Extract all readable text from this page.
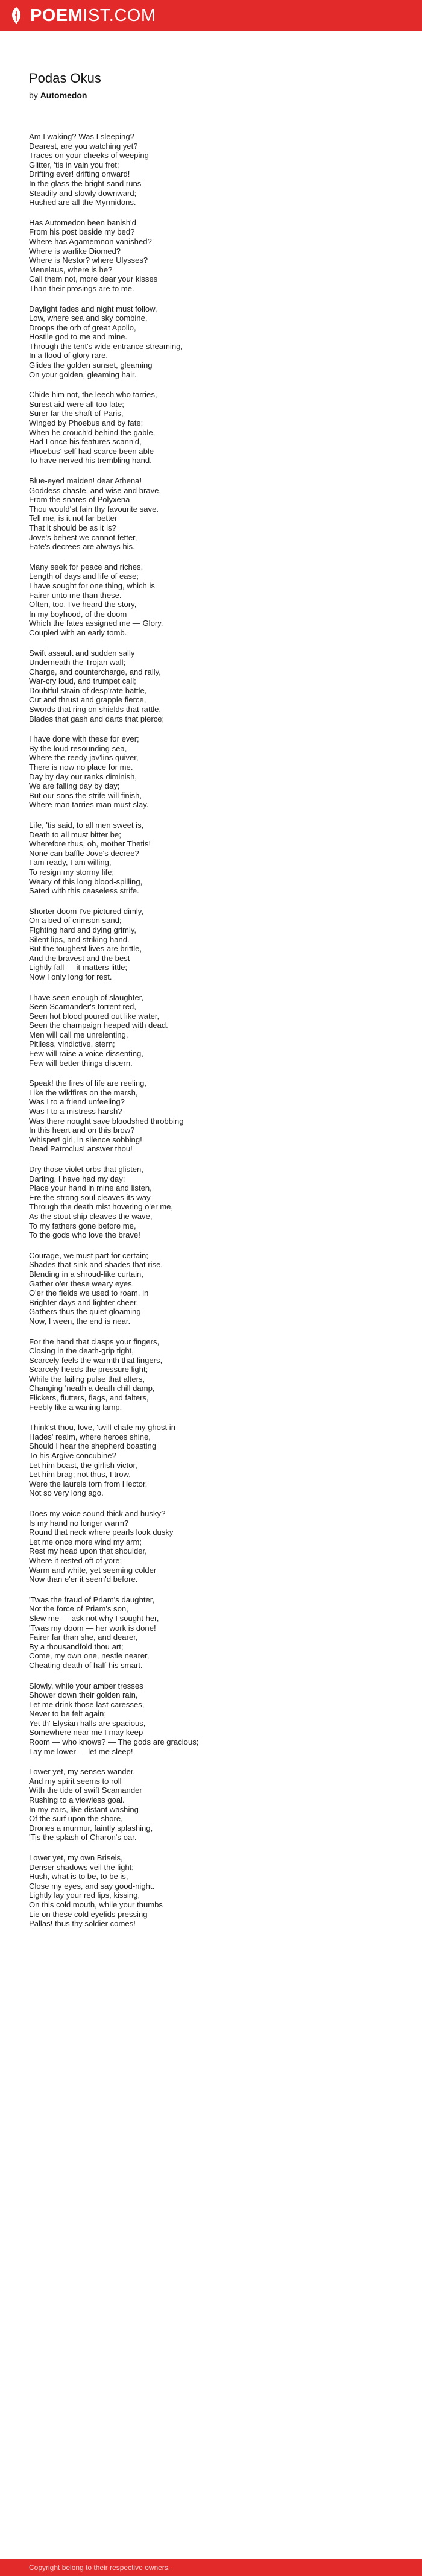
POEMIST.COM
Podas Okus
by Automedon
Am I waking? Was I sleeping?
Dearest, are you watching yet?
Traces on your cheeks of weeping
Glitter, 'tis in vain you fret;
Drifting ever! drifting onward!
In the glass the bright sand runs
Steadily and slowly downward;
Hushed are all the Myrmidons.
Has Automedon been banish'd
From his post beside my bed?
Where has Agamemnon vanished?
Where is warlike Diomed?
Where is Nestor? where Ulysses?
Menelaus, where is he?
Call them not, more dear your kisses
Than their prosings are to me.
Daylight fades and night must follow,
Low, where sea and sky combine,
Droops the orb of great Apollo,
Hostile god to me and mine.
Through the tent's wide entrance streaming,
In a flood of glory rare,
Glides the golden sunset, gleaming
On your golden, gleaming hair.
Chide him not, the leech who tarries,
Surest aid were all too late;
Surer far the shaft of Paris,
Winged by Phoebus and by fate;
When he crouch'd behind the gable,
Had I once his features scann'd,
Phoebus' self had scarce been able
To have nerved his trembling hand.
Blue-eyed maiden! dear Athena!
Goddess chaste, and wise and brave,
From the snares of Polyxena
Thou would'st fain thy favourite save.
Tell me, is it not far better
That it should be as it is?
Jove's behest we cannot fetter,
Fate's decrees are always his.
Many seek for peace and riches,
Length of days and life of ease;
I have sought for one thing, which is
Fairer unto me than these.
Often, too, I've heard the story,
In my boyhood, of the doom
Which the fates assigned me — Glory,
Coupled with an early tomb.
Swift assault and sudden sally
Underneath the Trojan wall;
Charge, and countercharge, and rally,
War-cry loud, and trumpet call;
Doubtful strain of desp'rate battle,
Cut and thrust and grapple fierce,
Swords that ring on shields that rattle,
Blades that gash and darts that pierce;
I have done with these for ever;
By the loud resounding sea,
Where the reedy jav'lins quiver,
There is now no place for me.
Day by day our ranks diminish,
We are falling day by day;
But our sons the strife will finish,
Where man tarries man must slay.
Life, 'tis said, to all men sweet is,
Death to all must bitter be;
Wherefore thus, oh, mother Thetis!
None can baffle Jove's decree?
I am ready, I am willing,
To resign my stormy life;
Weary of this long blood-spilling,
Sated with this ceaseless strife.
Shorter doom I've pictured dimly,
On a bed of crimson sand;
Fighting hard and dying grimly,
Silent lips, and striking hand.
But the toughest lives are brittle,
And the bravest and the best
Lightly fall — it matters little;
Now I only long for rest.
I have seen enough of slaughter,
Seen Scamander's torrent red,
Seen hot blood poured out like water,
Seen the champaign heaped with dead.
Men will call me unrelenting,
Pitiless, vindictive, stern;
Few will raise a voice dissenting,
Few will better things discern.
Speak! the fires of life are reeling,
Like the wildfires on the marsh,
Was I to a friend unfeeling?
Was I to a mistress harsh?
Was there nought save bloodshed throbbing
In this heart and on this brow?
Whisper! girl, in silence sobbing!
Dead Patroclus! answer thou!
Dry those violet orbs that glisten,
Darling, I have had my day;
Place your hand in mine and listen,
Ere the strong soul cleaves its way
Through the death mist hovering o'er me,
As the stout ship cleaves the wave,
To my fathers gone before me,
To the gods who love the brave!
Courage, we must part for certain;
Shades that sink and shades that rise,
Blending in a shroud-like curtain,
Gather o'er these weary eyes.
O'er the fields we used to roam, in
Brighter days and lighter cheer,
Gathers thus the quiet gloaming
Now, I ween, the end is near.
For the hand that clasps your fingers,
Closing in the death-grip tight,
Scarcely feels the warmth that lingers,
Scarcely heeds the pressure light;
While the failing pulse that alters,
Changing 'neath a death chill damp,
Flickers, flutters, flags, and falters,
Feebly like a waning lamp.
Think'st thou, love, 'twill chafe my ghost in
Hades' realm, where heroes shine,
Should I hear the shepherd boasting
To his Argive concubine?
Let him boast, the girlish victor,
Let him brag; not thus, I trow,
Were the laurels torn from Hector,
Not so very long ago.
Does my voice sound thick and husky?
Is my hand no longer warm?
Round that neck where pearls look dusky
Let me once more wind my arm;
Rest my head upon that shoulder,
Where it rested oft of yore;
Warm and white, yet seeming colder
Now than e'er it seem'd before.
'Twas the fraud of Priam's daughter,
Not the force of Priam's son,
Slew me — ask not why I sought her,
'Twas my doom — her work is done!
Fairer far than she, and dearer,
By a thousandfold thou art;
Come, my own one, nestle nearer,
Cheating death of half his smart.
Slowly, while your amber tresses
Shower down their golden rain,
Let me drink those last caresses,
Never to be felt again;
Yet th' Elysian halls are spacious,
Somewhere near me I may keep
Room — who knows? — The gods are gracious;
Lay me lower — let me sleep!
Lower yet, my senses wander,
And my spirit seems to roll
With the tide of swift Scamander
Rushing to a viewless goal.
In my ears, like distant washing
Of the surf upon the shore,
Drones a murmur, faintly splashing,
'Tis the splash of Charon's oar.
Lower yet, my own Briseis,
Denser shadows veil the light;
Hush, what is to be, to be is,
Close my eyes, and say good-night.
Lightly lay your red lips, kissing,
On this cold mouth, while your thumbs
Lie on these cold eyelids pressing
Pallas! thus thy soldier comes!
Copyright belong to their respective owners.
